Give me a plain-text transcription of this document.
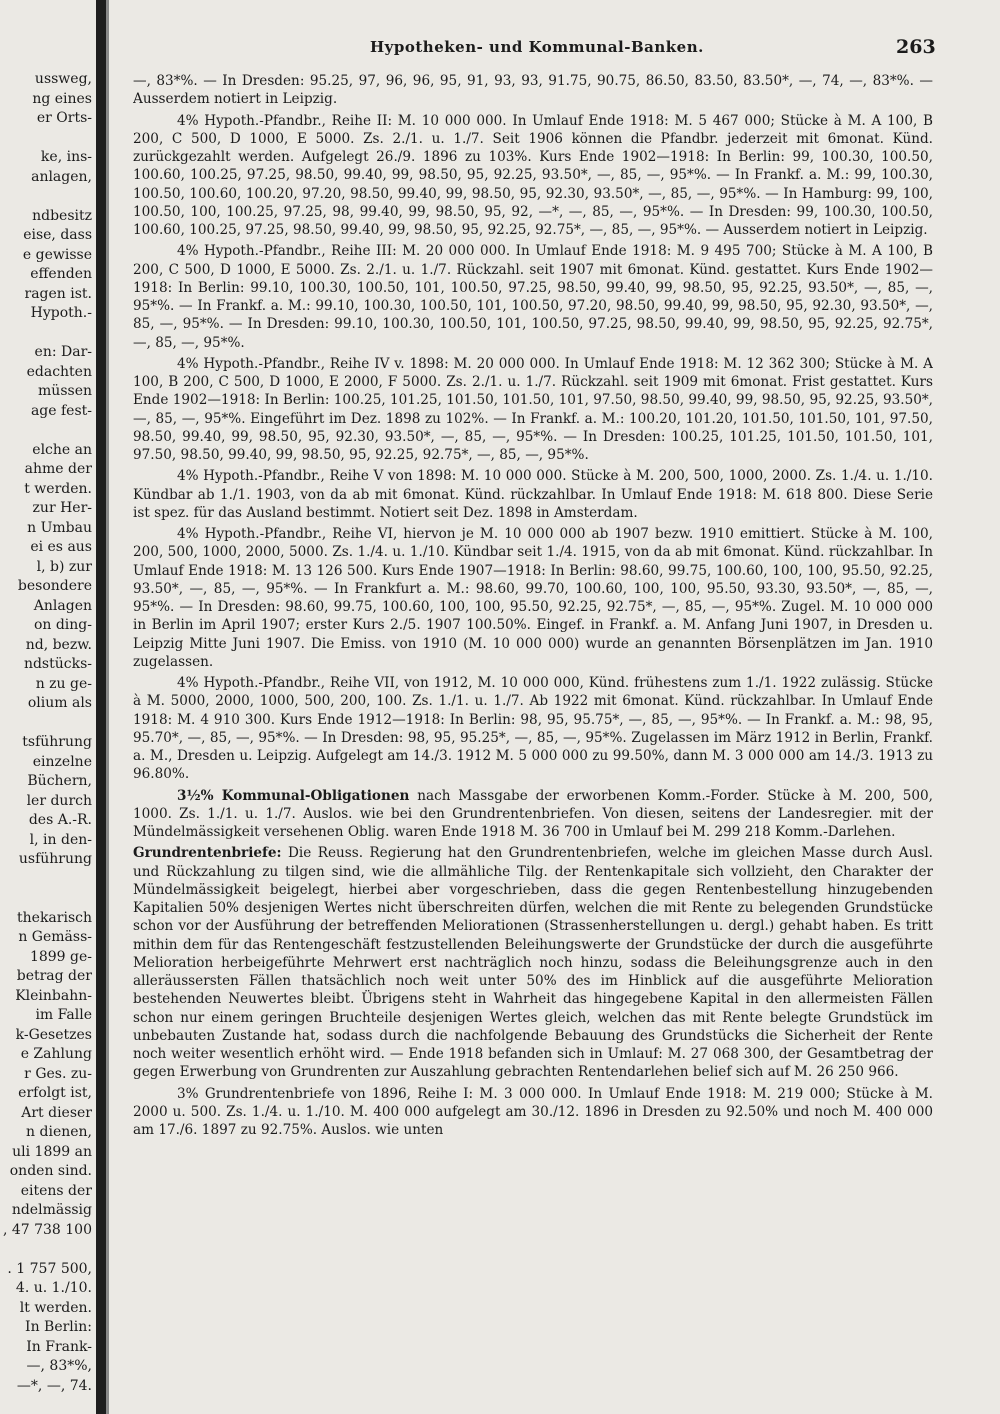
ussweg,
ng eines
er Orts-
ke, ins-
anlagen,
ndbesitz
eise, dass
e gewisse
effenden
ragen ist.
Hypoth.-
en: Dar-
edachten
müssen
age fest-
elche an
ahme der
t werden.
zur Her-
n Umbau
ei es aus
l, b) zur
besondere
Anlagen
on ding-
nd, bezw.
ndstücks-
n zu ge-
olium als
tsführung
einzelne
Büchern,
ler durch
des A.-R.
l, in den-
usführung
thekarisch
n Gemäss-
1899 ge-
betrag der
Kleinbahn-
im Falle
k-Gesetzes
e Zahlung
r Ges. zu-
erfolgt ist,
Art dieser
n dienen,
uli 1899 an
onden sind.
eitens der
ndelmässig
, 47 738 100
. 1 757 500,
4. u. 1./10.
lt werden.
In Berlin:
In Frank-
—, 83*%,
—*, —, 74.
Hypotheken- und Kommunal-Banken.	263

—, 83*%. — In Dresden: 95.25, 97, 96, 96, 95, 91, 93, 93, 91.75, 90.75, 86.50, 83.50, 83.50*, —, 74, —, 83*%. — Ausserdem notiert in Leipzig.

4% Hypoth.-Pfandbr., Reihe II: M. 10 000 000. In Umlauf Ende 1918: M. 5 467 000; Stücke à M. A 100, B 200, C 500, D 1000, E 5000. Zs. 2./1. u. 1./7. Seit 1906 können die Pfandbr. jederzeit mit 6monat. Künd. zurückgezahlt werden. Aufgelegt 26./9. 1896 zu 103%. Kurs Ende 1902—1918: In Berlin: 99, 100.30, 100.50, 100.60, 100.25, 97.25, 98.50, 99.40, 99, 98.50, 95, 92.25, 93.50*, —, 85, —, 95*%. — In Frankf. a. M.: 99, 100.30, 100.50, 100.60, 100.20, 97.20, 98.50, 99.40, 99, 98.50, 95, 92.30, 93.50*, —, 85, —, 95*%. — In Hamburg: 99, 100, 100.50, 100, 100.25, 97.25, 98, 99.40, 99, 98.50, 95, 92, —*, —, 85, —, 95*%. — In Dresden: 99, 100.30, 100.50, 100.60, 100.25, 97.25, 98.50, 99.40, 99, 98.50, 95, 92.25, 92.75*, —, 85, —, 95*%. — Ausserdem notiert in Leipzig.

4% Hypoth.-Pfandbr., Reihe III: M. 20 000 000. In Umlauf Ende 1918: M. 9 495 700; Stücke à M. A 100, B 200, C 500, D 1000, E 5000. Zs. 2./1. u. 1./7. Rückzahl. seit 1907 mit 6monat. Künd. gestattet. Kurs Ende 1902—1918: In Berlin: 99.10, 100.30, 100.50, 101, 100.50, 97.25, 98.50, 99.40, 99, 98.50, 95, 92.25, 93.50*, —, 85, —, 95*%. — In Frankf. a. M.: 99.10, 100.30, 100.50, 101, 100.50, 97.20, 98.50, 99.40, 99, 98.50, 95, 92.30, 93.50*, —, 85, —, 95*%. — In Dresden: 99.10, 100.30, 100.50, 101, 100.50, 97.25, 98.50, 99.40, 99, 98.50, 95, 92.25, 92.75*, —, 85, —, 95*%.

4% Hypoth.-Pfandbr., Reihe IV v. 1898: M. 20 000 000. In Umlauf Ende 1918: M. 12 362 300; Stücke à M. A 100, B 200, C 500, D 1000, E 2000, F 5000. Zs. 2./1. u. 1./7. Rückzahl. seit 1909 mit 6monat. Frist gestattet. Kurs Ende 1902—1918: In Berlin: 100.25, 101.25, 101.50, 101.50, 101, 97.50, 98.50, 99.40, 99, 98.50, 95, 92.25, 93.50*, —, 85, —, 95*%. Eingeführt im Dez. 1898 zu 102%. — In Frankf. a. M.: 100.20, 101.20, 101.50, 101.50, 101, 97.50, 98.50, 99.40, 99, 98.50, 95, 92.30, 93.50*, —, 85, —, 95*%. — In Dresden: 100.25, 101.25, 101.50, 101.50, 101, 97.50, 98.50, 99.40, 99, 98.50, 95, 92.25, 92.75*, —, 85, —, 95*%.

4% Hypoth.-Pfandbr., Reihe V von 1898: M. 10 000 000. Stücke à M. 200, 500, 1000, 2000. Zs. 1./4. u. 1./10. Kündbar ab 1./1. 1903, von da ab mit 6monat. Künd. rückzahlbar. In Umlauf Ende 1918: M. 618 800. Diese Serie ist spez. für das Ausland bestimmt. Notiert seit Dez. 1898 in Amsterdam.

4% Hypoth.-Pfandbr., Reihe VI, hiervon je M. 10 000 000 ab 1907 bezw. 1910 emittiert. Stücke à M. 100, 200, 500, 1000, 2000, 5000. Zs. 1./4. u. 1./10. Kündbar seit 1./4. 1915, von da ab mit 6monat. Künd. rückzahlbar. In Umlauf Ende 1918: M. 13 126 500. Kurs Ende 1907—1918: In Berlin: 98.60, 99.75, 100.60, 100, 100, 95.50, 92.25, 93.50*, —, 85, —, 95*%. — In Frankfurt a. M.: 98.60, 99.70, 100.60, 100, 100, 95.50, 93.30, 93.50*, —, 85, —, 95*%. — In Dresden: 98.60, 99.75, 100.60, 100, 100, 95.50, 92.25, 92.75*, —, 85, —, 95*%. Zugel. M. 10 000 000 in Berlin im April 1907; erster Kurs 2./5. 1907 100.50%. Eingef. in Frankf. a. M. Anfang Juni 1907, in Dresden u. Leipzig Mitte Juni 1907. Die Emiss. von 1910 (M. 10 000 000) wurde an genannten Börsenplätzen im Jan. 1910 zugelassen.

4% Hypoth.-Pfandbr., Reihe VII, von 1912, M. 10 000 000, Künd. frühestens zum 1./1. 1922 zulässig. Stücke à M. 5000, 2000, 1000, 500, 200, 100. Zs. 1./1. u. 1./7. Ab 1922 mit 6monat. Künd. rückzahlbar. In Umlauf Ende 1918: M. 4 910 300. Kurs Ende 1912—1918: In Berlin: 98, 95, 95.75*, —, 85, —, 95*%. — In Frankf. a. M.: 98, 95, 95.70*, —, 85, —, 95*%. — In Dresden: 98, 95, 95.25*, —, 85, —, 95*%. Zugelassen im März 1912 in Berlin, Frankf. a. M., Dresden u. Leipzig. Aufgelegt am 14./3. 1912 M. 5 000 000 zu 99.50%, dann M. 3 000 000 am 14./3. 1913 zu 96.80%.

3½% Kommunal-Obligationen nach Massgabe der erworbenen Komm.-Forder. Stücke à M. 200, 500, 1000. Zs. 1./1. u. 1./7. Auslos. wie bei den Grundrentenbriefen. Von diesen, seitens der Landesregier. mit der Mündelmässigkeit versehenen Oblig. waren Ende 1918 M. 36 700 in Umlauf bei M. 299 218 Komm.-Darlehen.

Grundrentenbriefe: Die Reuss. Regierung hat den Grundrentenbriefen, welche im gleichen Masse durch Ausl. und Rückzahlung zu tilgen sind, wie die allmähliche Tilg. der Rentenkapitale sich vollzieht, den Charakter der Mündelmässigkeit beigelegt, hierbei aber vorgeschrieben, dass die gegen Rentenbestellung hinzugebenden Kapitalien 50% desjenigen Wertes nicht überschreiten dürfen, welchen die mit Rente zu belegenden Grundstücke schon vor der Ausführung der betreffenden Meliorationen (Strassenherstellungen u. dergl.) gehabt haben. Es tritt mithin dem für das Rentengeschäft festzustellenden Beleihungswerte der Grundstücke der durch die ausgeführte Melioration herbeigeführte Mehrwert erst nachträglich noch hinzu, sodass die Beleihungsgrenze auch in den alleräussersten Fällen thatsächlich noch weit unter 50% des im Hinblick auf die ausgeführte Melioration bestehenden Neuwertes bleibt. Übrigens steht in Wahrheit das hingegebene Kapital in den allermeisten Fällen schon nur einem geringen Bruchteile desjenigen Wertes gleich, welchen das mit Rente belegte Grundstück im unbebauten Zustande hat, sodass durch die nachfolgende Bebauung des Grundstücks die Sicherheit der Rente noch weiter wesentlich erhöht wird. — Ende 1918 befanden sich in Umlauf: M. 27 068 300, der Gesamtbetrag der gegen Erwerbung von Grundrenten zur Auszahlung gebrachten Rentendarlehen belief sich auf M. 26 250 966.

3% Grundrentenbriefe von 1896, Reihe I: M. 3 000 000. In Umlauf Ende 1918: M. 219 000; Stücke à M. 2000 u. 500. Zs. 1./4. u. 1./10. M. 400 000 aufgelegt am 30./12. 1896 in Dresden zu 92.50% und noch M. 400 000 am 17./6. 1897 zu 92.75%. Auslos. wie unten
